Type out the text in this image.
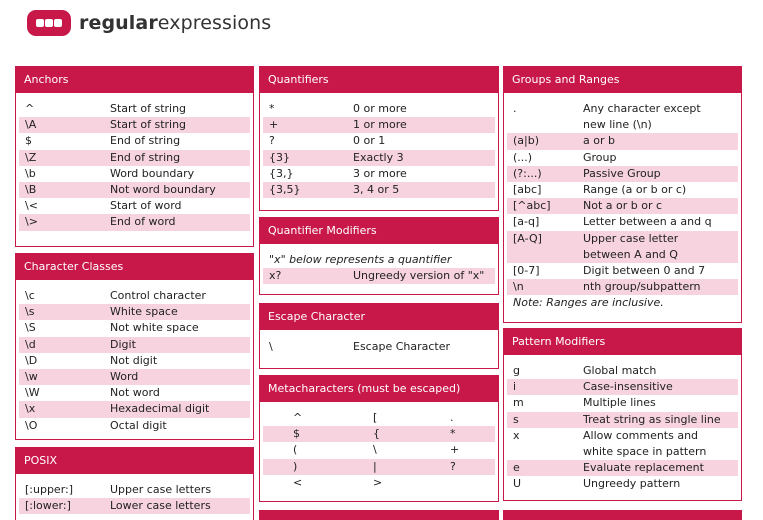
regularexpressions
Anchors
^	Start of string
\A	Start of string
$	End of string
\Z	End of string
\b	Word boundary
\B	Not word boundary
\<	Start of word
\>	End of word
Character Classes
\c	Control character
\s	White space
\S	Not white space
\d	Digit
\D	Not digit
\w	Word
\W	Not word
\x	Hexadecimal digit
\O	Octal digit
POSIX
[:upper:]	Upper case letters
[:lower:]	Lower case letters
Quantifiers
*	0 or more
+	1 or more
?	0 or 1
{3}	Exactly 3
{3,}	3 or more
{3,5}	3, 4 or 5
Quantifier Modifiers
"x" below represents a quantifier
x?	Ungreedy version of "x"
Escape Character
\	Escape Character
Metacharacters (must be escaped)
^	[	.
$	{	*
(	\	+
)	|	?
<	>
Groups and Ranges
.	Any character except
new line (\n)
(a|b)	a or b
(...)	Group
(?:...)	Passive Group
[abc]	Range (a or b or c)
[^abc]	Not a or b or c
[a-q]	Letter between a and q
[A-Q]	Upper case letter
between A and Q
[0-7]	Digit between 0 and 7
\n	nth group/subpattern
Note: Ranges are inclusive.
Pattern Modifiers
g	Global match
i	Case-insensitive
m	Multiple lines
s	Treat string as single line
x	Allow comments and
white space in pattern
e	Evaluate replacement
U	Ungreedy pattern
